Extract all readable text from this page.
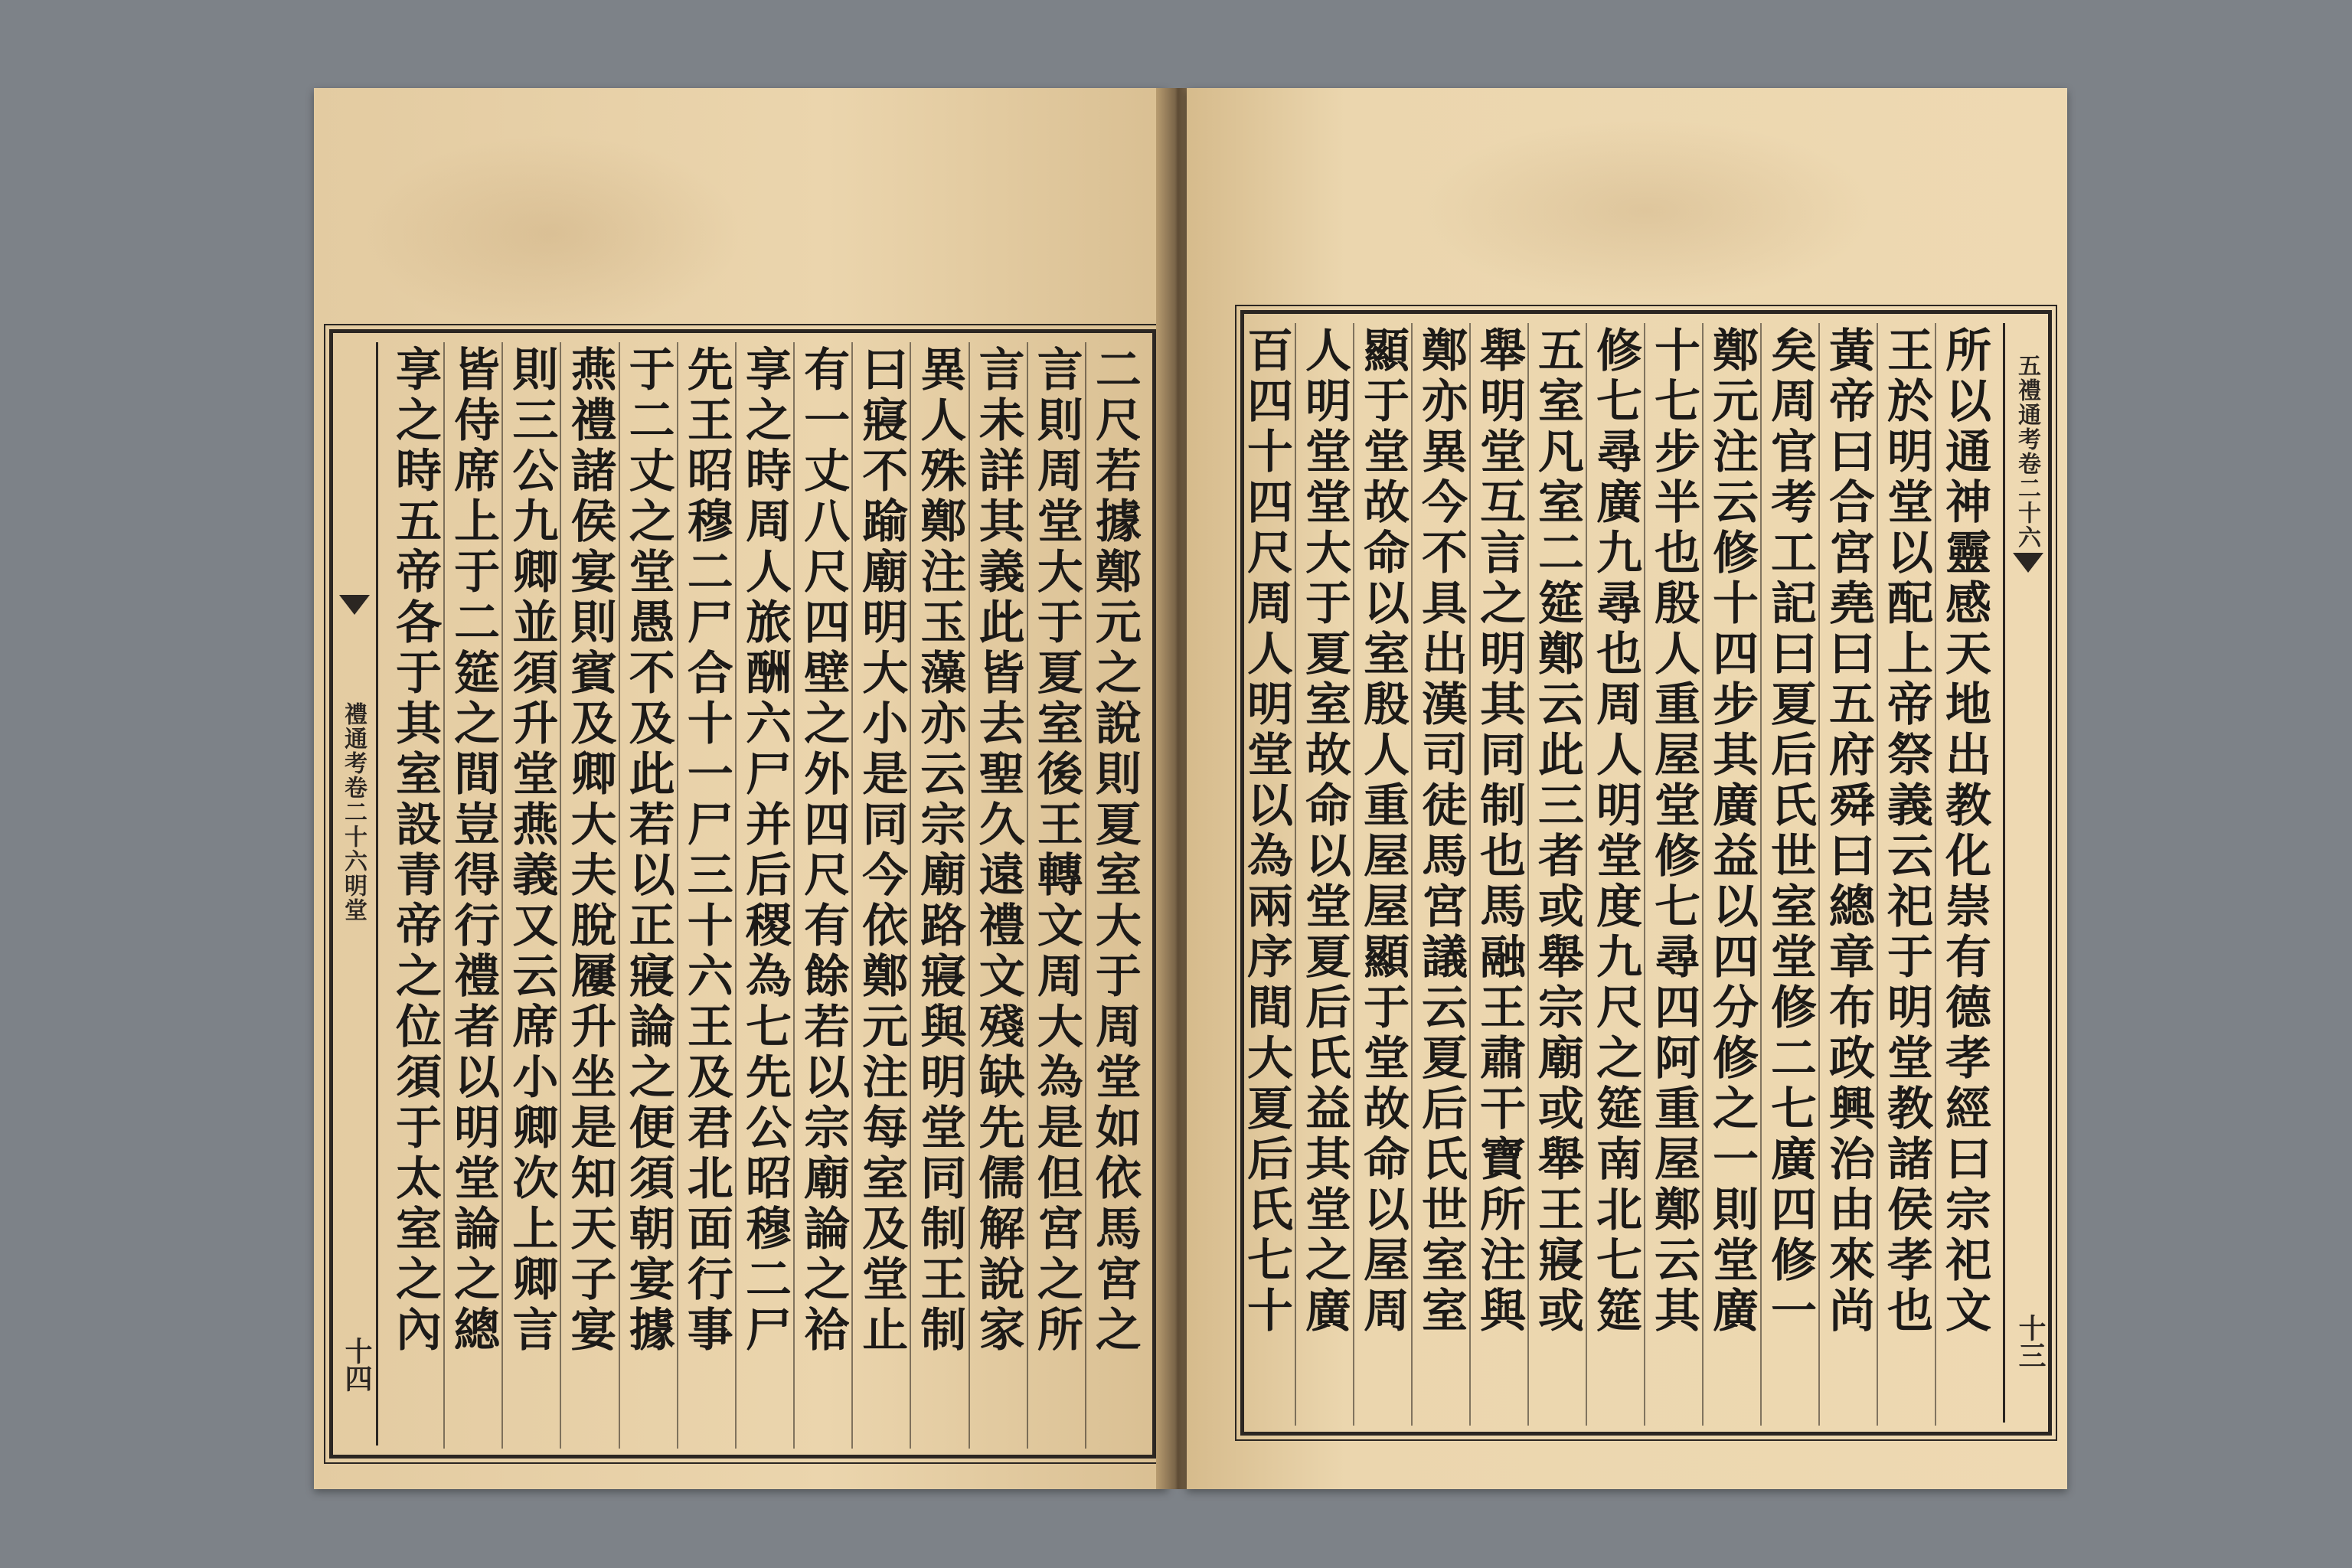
二尺若據鄭元之說則夏室大于周堂如依馬宮之
言則周堂大于夏室後王轉文周大為是但宮之所
言未詳其義此皆去聖久遠禮文殘缺先儒解說家
異人殊鄭注玉藻亦云宗廟路寢與明堂同制王制
曰寢不踰廟明大小是同今依鄭元注每室及堂止
有一丈八尺四壁之外四尺有餘若以宗廟論之祫
享之時周人旅酬六尸并后稷為七先公昭穆二尸
先王昭穆二尸合十一尸三十六王及君北面行事
于二丈之堂愚不及此若以正寢論之便須朝宴據
燕禮諸侯宴則賓及卿大夫脫屨升坐是知天子宴
則三公九卿並須升堂燕義又云席小卿次上卿言
皆侍席上于二筵之間豈得行禮者以明堂論之總
享之時五帝各于其室設青帝之位須于太室之內
禮通考卷二十六明堂
十四
所以通神靈感天地出教化崇有德孝經曰宗祀文
王於明堂以配上帝祭義云祀于明堂教諸侯孝也
黃帝曰合宮堯曰五府舜曰總章布政興治由來尚
矣周官考工記曰夏后氏世室堂修二七廣四修一
鄭元注云修十四步其廣益以四分修之一則堂廣
十七步半也殷人重屋堂修七尋四阿重屋鄭云其
修七尋廣九尋也周人明堂度九尺之筵南北七筵
五室凡室二筵鄭云此三者或舉宗廟或舉王寢或
舉明堂互言之明其同制也馬融王肅干寶所注與
鄭亦異今不具出漢司徒馬宮議云夏后氏世室室
顯于堂故命以室殷人重屋屋顯于堂故命以屋周
人明堂堂大于夏室故命以堂夏后氏益其堂之廣
百四十四尺周人明堂以為兩序間大夏后氏七十	五禮通考卷二十六
十三
